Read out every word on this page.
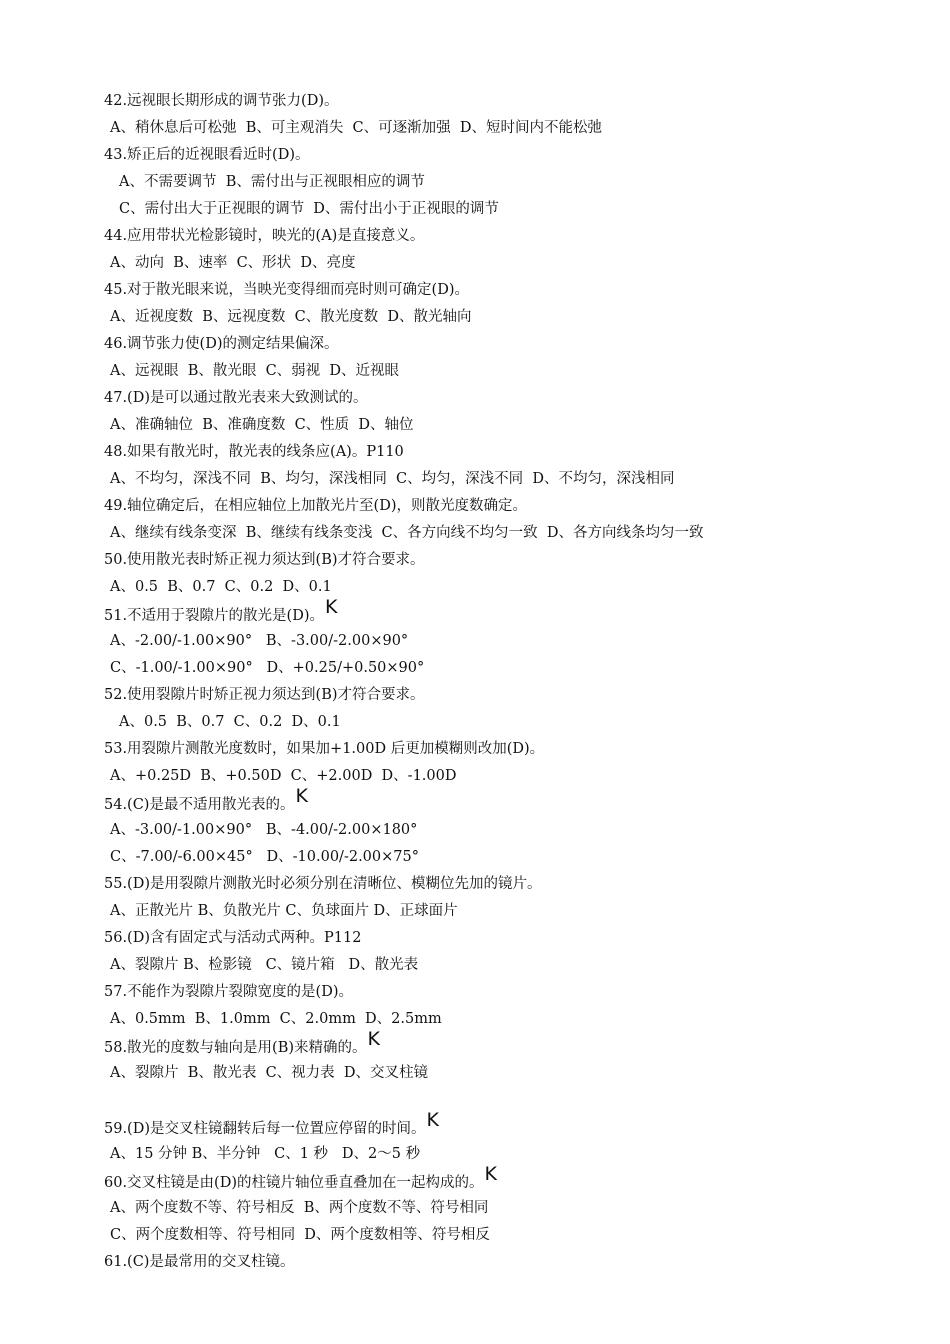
42.远视眼长期形成的调节张力(D)。
A、稍休息后可松弛  B、可主观消失  C、可逐渐加强  D、短时间内不能松弛
43.矫正后的近视眼看近时(D)。
A、不需要调节  B、需付出与正视眼相应的调节
C、需付出大于正视眼的调节  D、需付出小于正视眼的调节
44.应用带状光检影镜时，映光的(A)是直接意义。
A、动向  B、速率  C、形状  D、亮度
45.对于散光眼来说，当映光变得细而亮时则可确定(D)。
A、近视度数  B、远视度数  C、散光度数  D、散光轴向
46.调节张力使(D)的测定结果偏深。
A、远视眼  B、散光眼  C、弱视  D、近视眼
47.(D)是可以通过散光表来大致测试的。
A、准确轴位  B、准确度数  C、性质  D、轴位
48.如果有散光时，散光表的线条应(A)。P110
A、不均匀，深浅不同  B、均匀，深浅相同  C、均匀，深浅不同  D、不均匀，深浅相同
49.轴位确定后，在相应轴位上加散光片至(D)，则散光度数确定。
A、继续有线条变深  B、继续有线条变浅  C、各方向线不均匀一致  D、各方向线条均匀一致
50.使用散光表时矫正视力须达到(B)才符合要求。
A、0.5  B、0.7  C、0.2  D、0.1
51.不适用于裂隙片的散光是(D)。K
A、-2.00/-1.00×90°   B、-3.00/-2.00×90°
C、-1.00/-1.00×90°   D、+0.25/+0.50×90°
52.使用裂隙片时矫正视力须达到(B)才符合要求。
A、0.5  B、0.7  C、0.2  D、0.1
53.用裂隙片测散光度数时，如果加+1.00D 后更加模糊则改加(D)。
A、+0.25D  B、+0.50D  C、+2.00D  D、-1.00D
54.(C)是最不适用散光表的。K
A、-3.00/-1.00×90°   B、-4.00/-2.00×180°
C、-7.00/-6.00×45°   D、-10.00/-2.00×75°
55.(D)是用裂隙片测散光时必须分别在清晰位、模糊位先加的镜片。
A、正散光片 B、负散光片 C、负球面片 D、正球面片
56.(D)含有固定式与活动式两种。P112
A、裂隙片 B、检影镜   C、镜片箱   D、散光表
57.不能作为裂隙片裂隙宽度的是(D)。
A、0.5mm  B、1.0mm  C、2.0mm  D、2.5mm
58.散光的度数与轴向是用(B)来精确的。K
A、裂隙片  B、散光表  C、视力表  D、交叉柱镜
59.(D)是交叉柱镜翻转后每一位置应停留的时间。K
A、15 分钟 B、半分钟   C、1 秒   D、2～5 秒
60.交叉柱镜是由(D)的柱镜片轴位垂直叠加在一起构成的。K
A、两个度数不等、符号相反  B、两个度数不等、符号相同
C、两个度数相等、符号相同  D、两个度数相等、符号相反
61.(C)是最常用的交叉柱镜。
